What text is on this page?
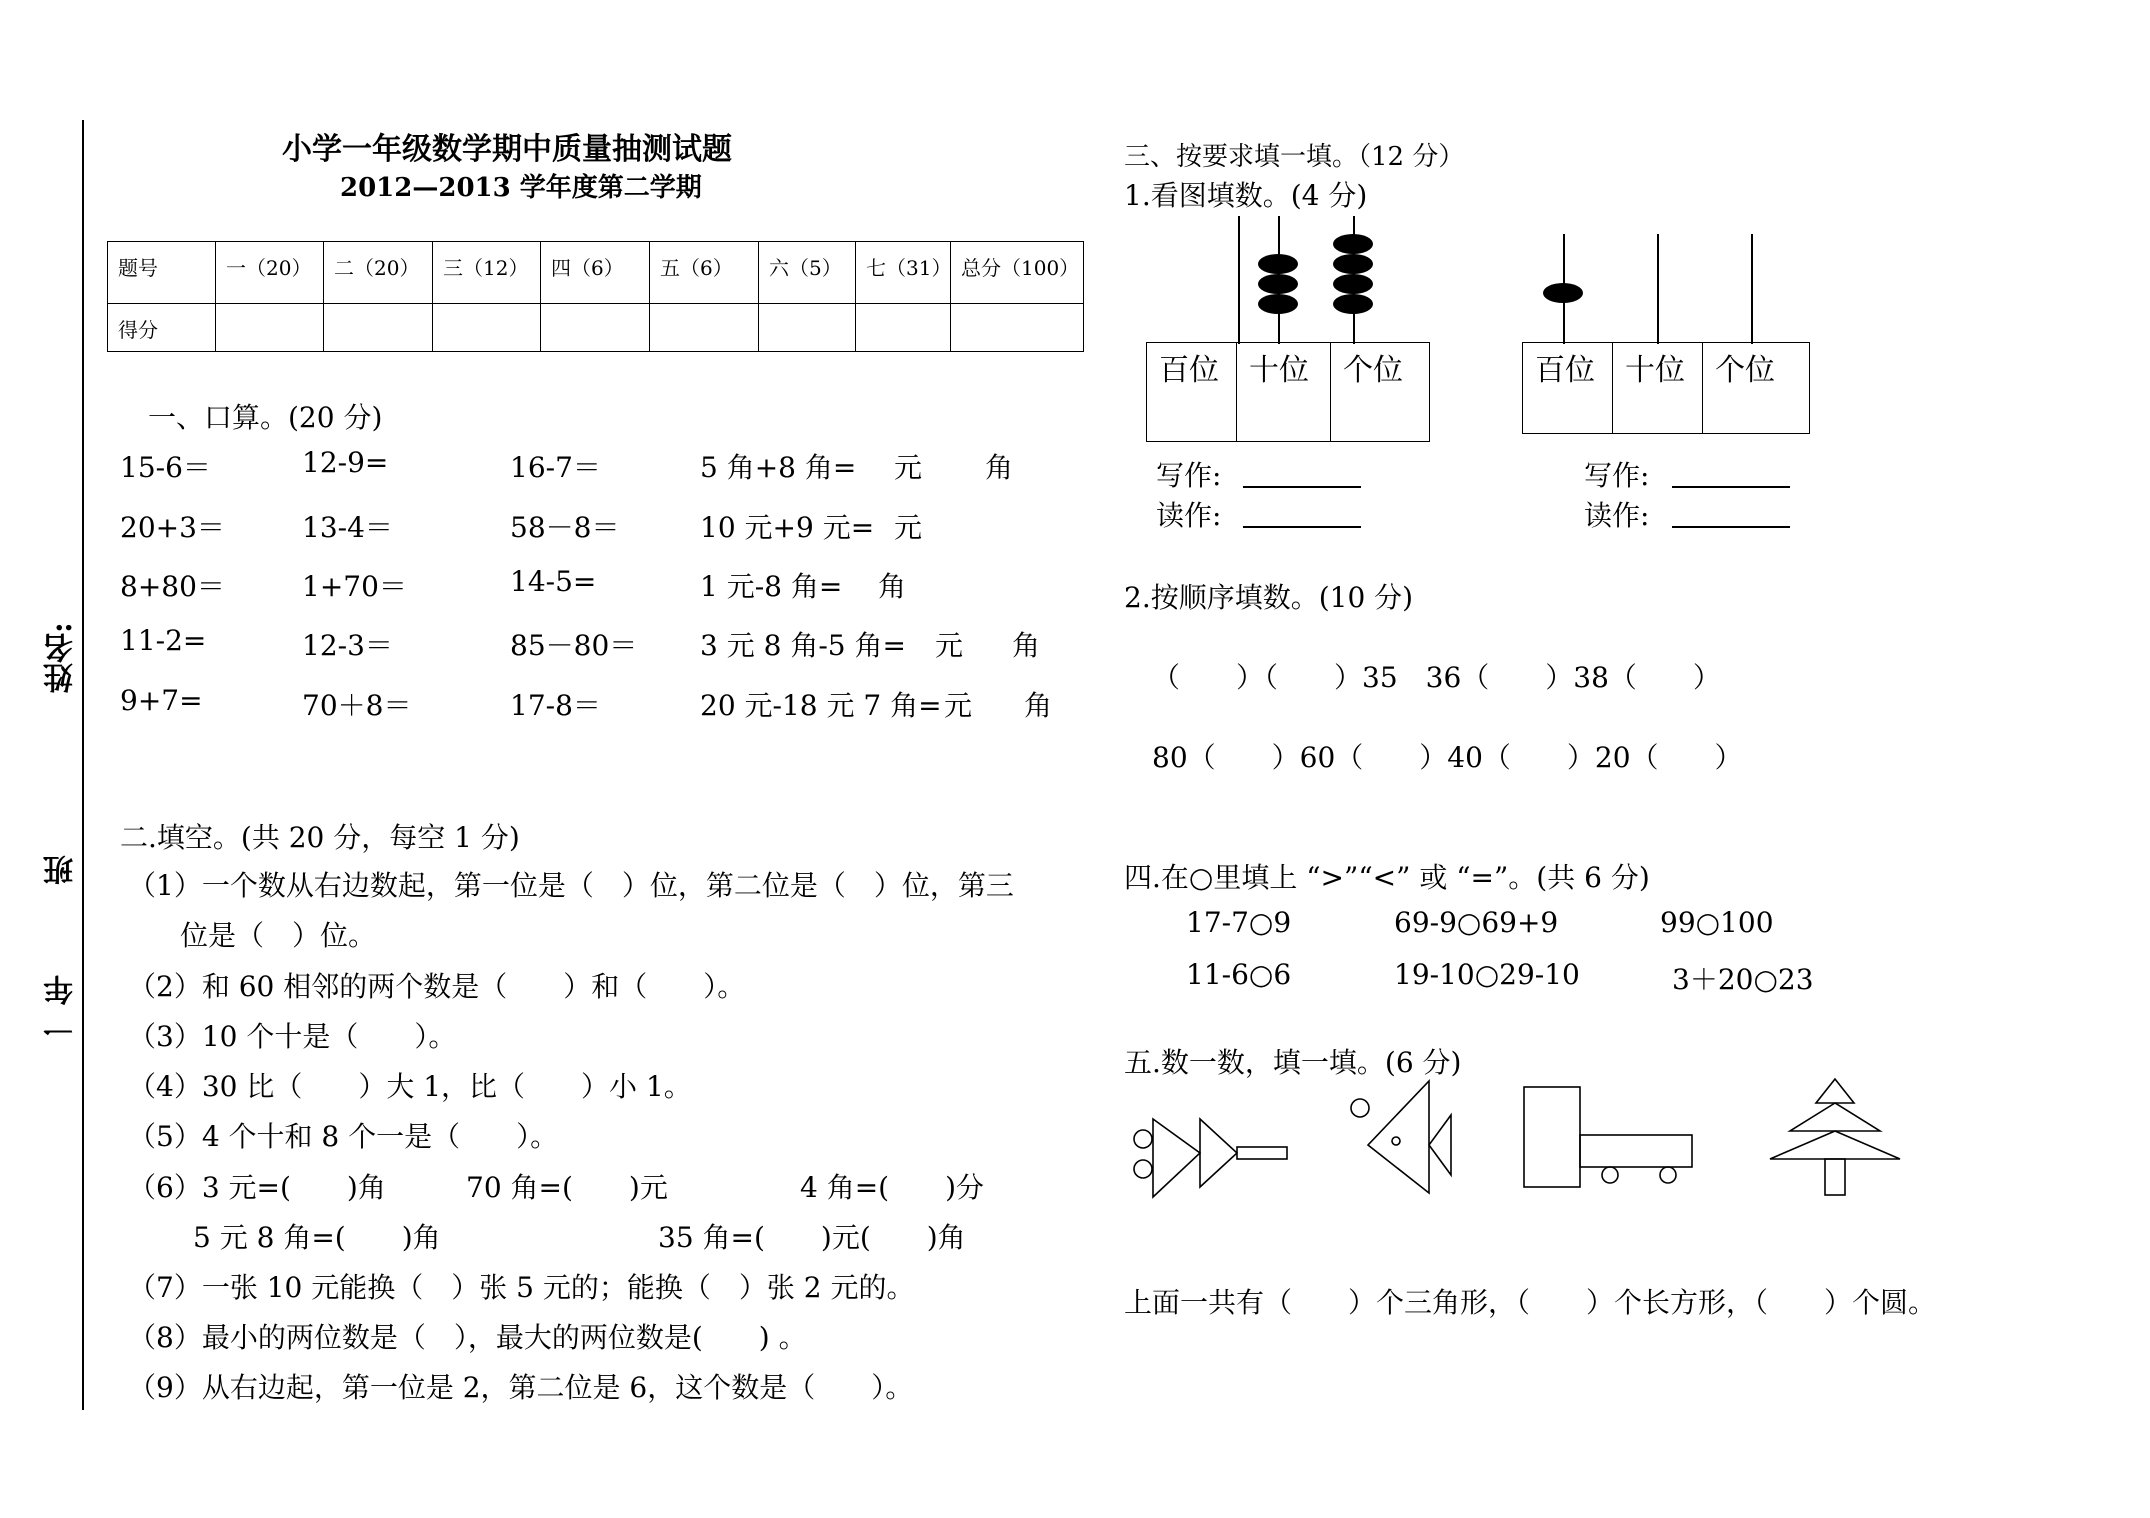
姓名:
班
一 年
小学一年级数学期中质量抽测试题
2012—2013 学年度第二学期
题号	一（20）	二（20）	三（12）	四（6）	五（6）	六（5）	七（31）	总分（100）
得分								
一、口算。(20 分)
15-6＝	12-9=	16-7＝	5 角+8 角= 元 角
20+3＝	13-4＝	58－8＝	10 元+9 元= 元
8+80＝	1+70＝	14-5=	1 元-8 角= 角
11-2=	12-3＝	85－80＝ 3 元 8 角-5 角= 元 角
9+7=	70＋8＝	17-8＝	20 元-18 元 7 角= 元 角
二.填空。(共 20 分，每空 1 分)
（1）一个数从右边数起，第一位是（　）位，第二位是（　）位，第三
位是（　）位。
（2）和 60 相邻的两个数是（　　）和（　　）。
（3）10 个十是（　　）。
（4）30 比（　　）大 1，比（　　）小 1。
（5）4 个十和 8 个一是（　　）。
（6）3 元=(　　)角	70 角=(　　)元	4 角=(　　)分
5 元 8 角=(　　)角	35 角=(　　)元(　　)角
（7）一张 10 元能换（　）张 5 元的；能换（　）张 2 元的。
（8）最小的两位数是（　），最大的两位数是(　　) 。
（9）从右边起，第一位是 2，第二位是 6，这个数是（　　）。
三、按要求填一填。（12 分）
1.看图填数。(4 分)
百位	十位	个位	百位	十位	个位
写作:
读作:
写作:
读作:
2.按顺序填数。(10 分)
（　　）（　　）35　36（　　）38（　　）
80（　　）60（　　）40（　　）20（　　）
四.在○里填上 “>”“<” 或 “=”。(共 6 分)
17-7○9	69-9○69+9	99○100
11-6○6	19-10○29-10	3＋20○23
五.数一数，填一填。(6 分)
上面一共有（　　）个三角形，（　　）个长方形，（　　）个圆。
